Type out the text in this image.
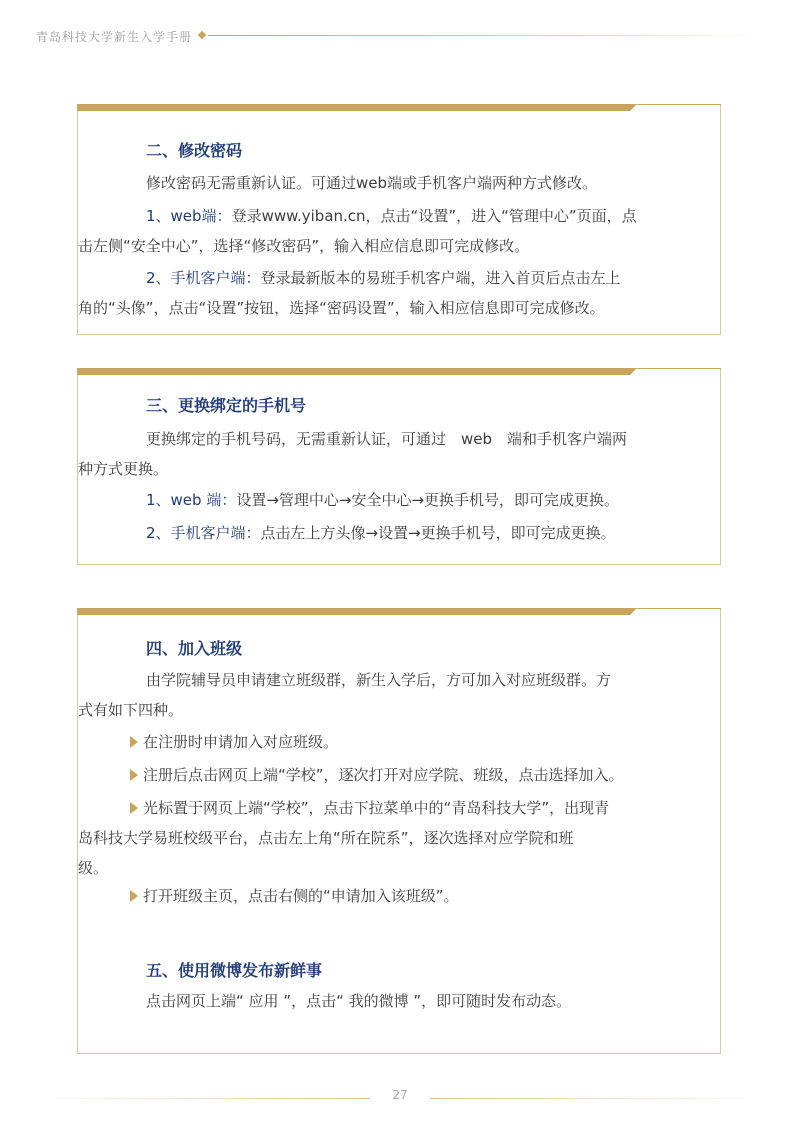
青岛科技大学新生入学手册
二、修改密码

修改密码无需重新认证。可通过web端或手机客户端两种方式修改。

1、web端：登录www.yiban.cn，点击“设置”，进入“管理中心”页面，点
击左侧“安全中心”，选择“修改密码”，输入相应信息即可完成修改。

2、手机客户端：登录最新版本的易班手机客户端，进入首页后点击左上
角的“头像”，点击“设置”按钮，选择“密码设置”，输入相应信息即可完成修改。

三、更换绑定的手机号

更换绑定的手机号码，无需重新认证，可通过　web　端和手机客户端两
种方式更换。

1、web 端：设置→管理中心→安全中心→更换手机号，即可完成更换。

2、手机客户端：点击左上方头像→设置→更换手机号，即可完成更换。

四、加入班级

由学院辅导员申请建立班级群，新生入学后，方可加入对应班级群。方
式有如下四种。

在注册时申请加入对应班级。

注册后点击网页上端“学校”，逐次打开对应学院、班级，点击选择加入。

光标置于网页上端“学校”，点击下拉菜单中的“青岛科技大学”，出现青
岛科技大学易班校级平台，点击左上角“所在院系”，逐次选择对应学院和班
级。

打开班级主页，点击右侧的“申请加入该班级”。

五、使用微博发布新鲜事

点击网页上端“ 应用 ”，点击“ 我的微博 ”，即可随时发布动态。

27
